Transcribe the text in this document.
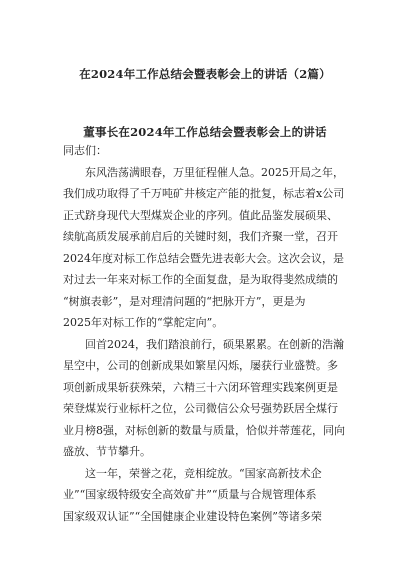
在2024年工作总结会暨表彰会上的讲话（2篇）
董事长在2024年工作总结会暨表彰会上的讲话
同志们：
东风浩荡满眼春，万里征程催人急。2025开局之年，
我们成功取得了千万吨矿井核定产能的批复，标志着x公司
正式跻身现代大型煤炭企业的序列。值此品鉴发展硕果、
续航高质发展承前启后的关键时刻，我们齐聚一堂，召开
2024年度对标工作总结会暨先进表彰大会。这次会议，是
对过去一年来对标工作的全面复盘，是为取得斐然成绩的
“树旗表彰”，是对理清问题的“把脉开方”，更是为
2025年对标工作的“掌舵定向”。
回首2024，我们踏浪前行，硕果累累。在创新的浩瀚
星空中，公司的创新成果如繁星闪烁，屡获行业盛赞。多
项创新成果斩获殊荣，六精三十六闭环管理实践案例更是
荣登煤炭行业标杆之位，公司微信公众号强势跃居全煤行
业月榜8强，对标创新的数量与质量，恰似并蒂莲花，同向
盛放、节节攀升。
这一年，荣誉之花，竞相绽放。“国家高新技术企
业”“国家级特级安全高效矿井”“质量与合规管理体系
国家级双认证”“全国健康企业建设特色案例”等诸多荣
